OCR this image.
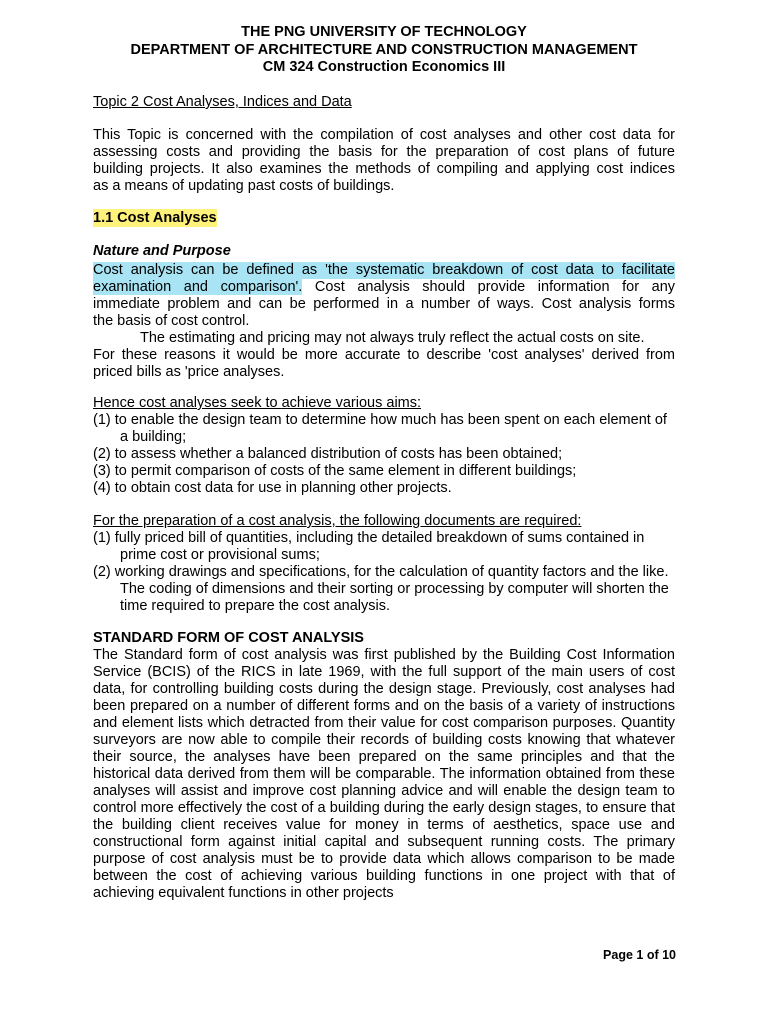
THE PNG UNIVERSITY OF TECHNOLOGY
DEPARTMENT OF ARCHITECTURE AND CONSTRUCTION MANAGEMENT
CM 324 Construction Economics III
Topic 2 Cost Analyses, Indices and Data
This Topic is concerned with the compilation of cost analyses and other cost data for
assessing costs and providing the basis for the preparation of cost plans of future
building projects. It also examines the methods of compiling and applying cost indices
as a means of updating past costs of buildings.
1.1 Cost Analyses
Nature and Purpose
Cost analysis can be defined as 'the systematic breakdown of cost data to facilitate
examination and comparison'. Cost analysis should provide information for any
immediate problem and can be performed in a number of ways. Cost analysis forms
the basis of cost control.
The estimating and pricing may not always truly reflect the actual costs on site.
For these reasons it would be more accurate to describe 'cost analyses' derived from
priced bills as 'price analyses.
Hence cost analyses seek to achieve various aims:
(1) to enable the design team to determine how much has been spent on each element of a building;
(2) to assess whether a balanced distribution of costs has been obtained;
(3) to permit comparison of costs of the same element in different buildings;
(4) to obtain cost data for use in planning other projects.
For the preparation of a cost analysis, the following documents are required:
(1) fully priced bill of quantities, including the detailed breakdown of sums contained in prime cost or provisional sums;
(2) working drawings and specifications, for the calculation of quantity factors and the like. The coding of dimensions and their sorting or processing by computer will shorten the time required to prepare the cost analysis.
STANDARD FORM OF COST ANALYSIS
The Standard form of cost analysis was first published by the Building Cost Information Service (BCIS) of the RICS in late 1969, with the full support of the main users of cost data, for controlling building costs during the design stage. Previously, cost analyses had been prepared on a number of different forms and on the basis of a variety of instructions and element lists which detracted from their value for cost comparison purposes. Quantity surveyors are now able to compile their records of building costs knowing that whatever their source, the analyses have been prepared on the same principles and that the historical data derived from them will be comparable. The information obtained from these analyses will assist and improve cost planning advice and will enable the design team to control more effectively the cost of a building during the early design stages, to ensure that the building client receives value for money in terms of aesthetics, space use and constructional form against initial capital and subsequent running costs. The primary purpose of cost analysis must be to provide data which allows comparison to be made between the cost of achieving various building functions in one project with that of achieving equivalent functions in other projects
Page 1 of 10
